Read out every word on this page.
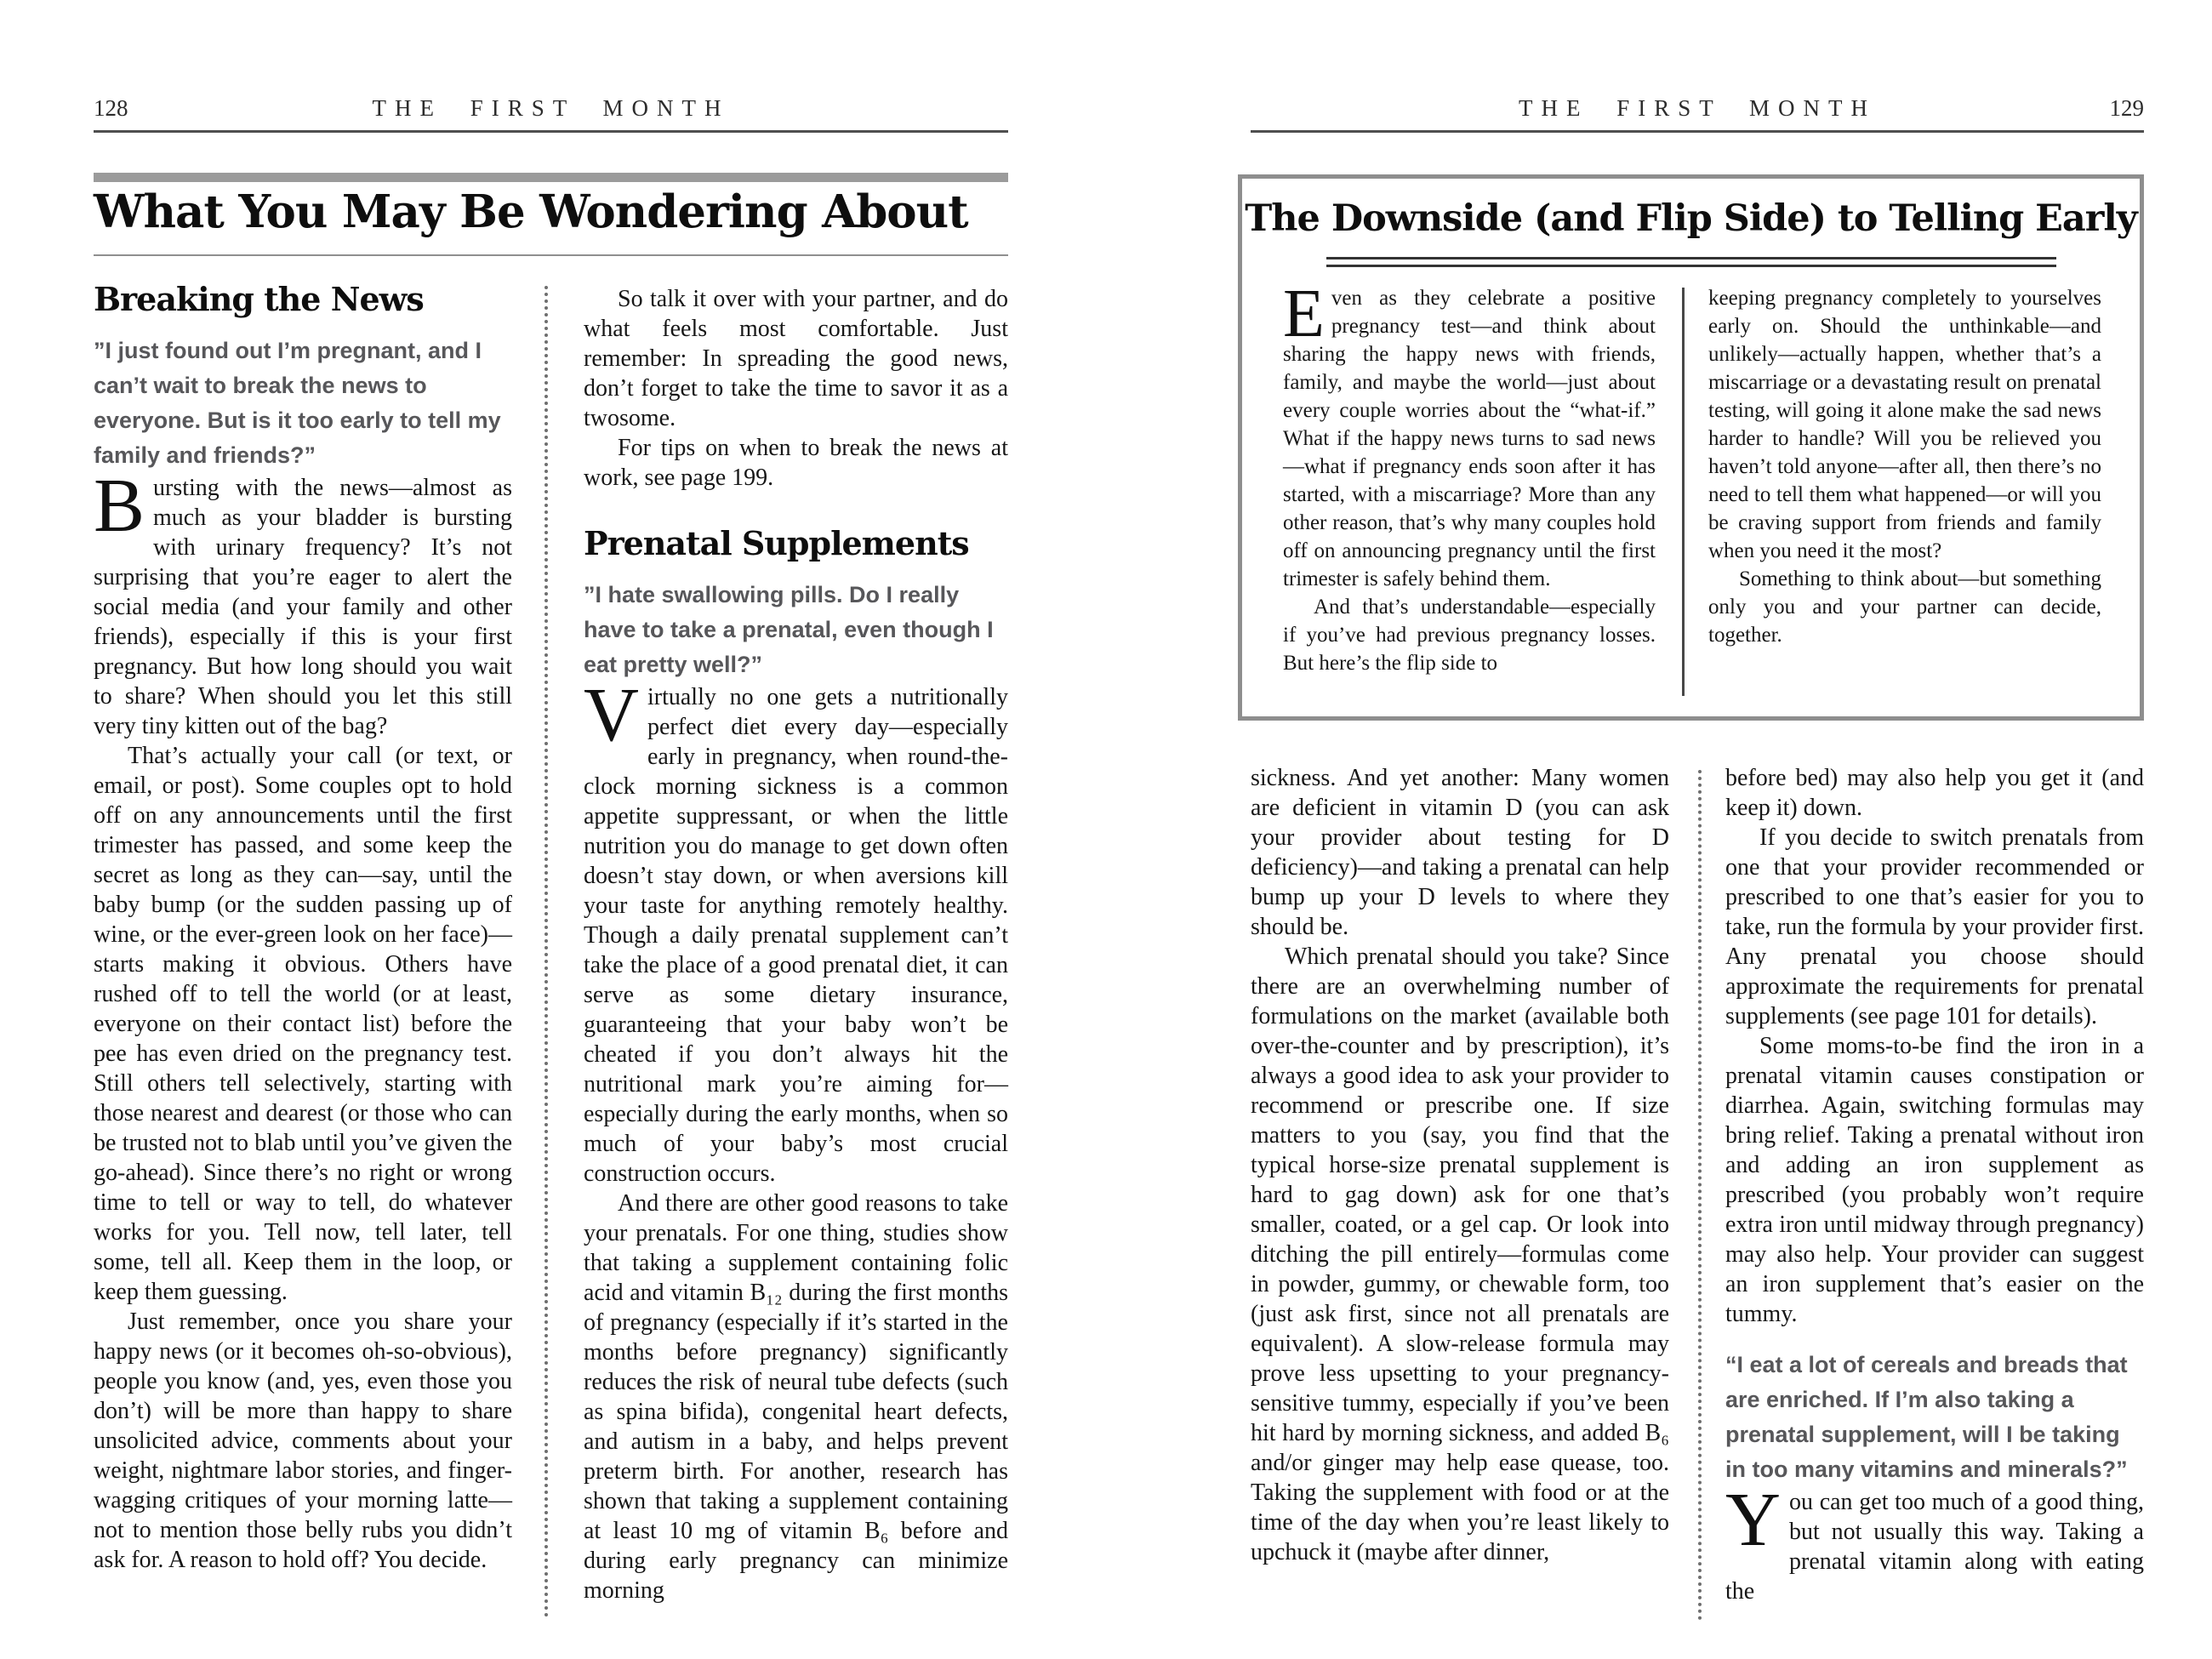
128	THE FIRST MONTH
What You May Be Wondering About
Breaking the News

”I just found out I’m pregnant, and I can’t wait to break the news to everyone. But is it too early to tell my family and friends?”

Bursting with the news—almost as much as your bladder is bursting with urinary frequency? It’s not surprising that you’re eager to alert the social media (and your family and other friends), especially if this is your first pregnancy. But how long should you wait to share? When should you let this still very tiny kitten out of the bag?

That’s actually your call (or text, or email, or post). Some couples opt to hold off on any announcements until the first trimester has passed, and some keep the secret as long as they can—say, until the baby bump (or the sudden passing up of wine, or the ever-green look on her face)—starts making it obvious. Others have rushed off to tell the world (or at least, everyone on their contact list) before the pee has even dried on the pregnancy test. Still others tell selectively, starting with those nearest and dearest (or those who can be trusted not to blab until you’ve given the go-ahead). Since there’s no right or wrong time to tell or way to tell, do whatever works for you. Tell now, tell later, tell some, tell all. Keep them in the loop, or keep them guessing.

Just remember, once you share your happy news (or it becomes oh-so-obvious), people you know (and, yes, even those you don’t) will be more than happy to share unsolicited advice, comments about your weight, nightmare labor stories, and finger-wagging critiques of your morning latte—not to mention those belly rubs you didn’t ask for. A reason to hold off? You decide.

So talk it over with your partner, and do what feels most comfortable. Just remember: In spreading the good news, don’t forget to take the time to savor it as a twosome.

For tips on when to break the news at work, see page 199.

Prenatal Supplements

”I hate swallowing pills. Do I really have to take a prenatal, even though I eat pretty well?”

Virtually no one gets a nutritionally perfect diet every day—especially early in pregnancy, when round-the-clock morning sickness is a common appetite suppressant, or when the little nutrition you do manage to get down often doesn’t stay down, or when aversions kill your taste for anything remotely healthy. Though a daily prenatal supplement can’t take the place of a good prenatal diet, it can serve as some dietary insurance, guaranteeing that your baby won’t be cheated if you don’t always hit the nutritional mark you’re aiming for—especially during the early months, when so much of your baby’s most crucial construction occurs.

And there are other good reasons to take your prenatals. For one thing, studies show that taking a supplement containing folic acid and vitamin B₁₂ during the first months of pregnancy (especially if it’s started in the months before pregnancy) significantly reduces the risk of neural tube defects (such as spina bifida), congenital heart defects, and autism in a baby, and helps prevent preterm birth. For another, research has shown that taking a supplement containing at least 10 mg of vitamin B₆ before and during early pregnancy can minimize morning

THE FIRST MONTH	129
The Downside (and Flip Side) to Telling Early

Even as they celebrate a positive pregnancy test—and think about sharing the happy news with friends, family, and maybe the world—just about every couple worries about the “what-if.” What if the happy news turns to sad news—what if pregnancy ends soon after it has started, with a miscarriage? More than any other reason, that’s why many couples hold off on announcing pregnancy until the first trimester is safely behind them.

And that’s understandable—especially if you’ve had previous pregnancy losses. But here’s the flip side to

keeping pregnancy completely to yourselves early on. Should the unthinkable—and unlikely—actually happen, whether that’s a miscarriage or a devastating result on prenatal testing, will going it alone make the sad news harder to handle? Will you be relieved you haven’t told anyone—after all, then there’s no need to tell them what happened—or will you be craving support from friends and family when you need it the most?

Something to think about—but something only you and your partner can decide, together.

sickness. And yet another: Many women are deficient in vitamin D (you can ask your provider about testing for D deficiency)—and taking a prenatal can help bump up your D levels to where they should be.

Which prenatal should you take? Since there are an overwhelming number of formulations on the market (available both over-the-counter and by prescription), it’s always a good idea to ask your provider to recommend or prescribe one. If size matters to you (say, you find that the typical horse-size prenatal supplement is hard to gag down) ask for one that’s smaller, coated, or a gel cap. Or look into ditching the pill entirely—formulas come in powder, gummy, or chewable form, too (just ask first, since not all prenatals are equivalent). A slow-release formula may prove less upsetting to your pregnancy-sensitive tummy, especially if you’ve been hit hard by morning sickness, and added B₆ and/or ginger may help ease quease, too. Taking the supplement with food or at the time of the day when you’re least likely to upchuck it (maybe after dinner,

before bed) may also help you get it (and keep it) down.

If you decide to switch prenatals from one that your provider recommended or prescribed to one that’s easier for you to take, run the formula by your provider first. Any prenatal you choose should approximate the requirements for prenatal supplements (see page 101 for details).

Some moms-to-be find the iron in a prenatal vitamin causes constipation or diarrhea. Again, switching formulas may bring relief. Taking a prenatal without iron and adding an iron supplement as prescribed (you probably won’t require extra iron until midway through pregnancy) may also help. Your provider can suggest an iron supplement that’s easier on the tummy.

“I eat a lot of cereals and breads that are enriched. If I’m also taking a prenatal supplement, will I be taking in too many vitamins and minerals?”

You can get too much of a good thing, but not usually this way. Taking a prenatal vitamin along with eating the
